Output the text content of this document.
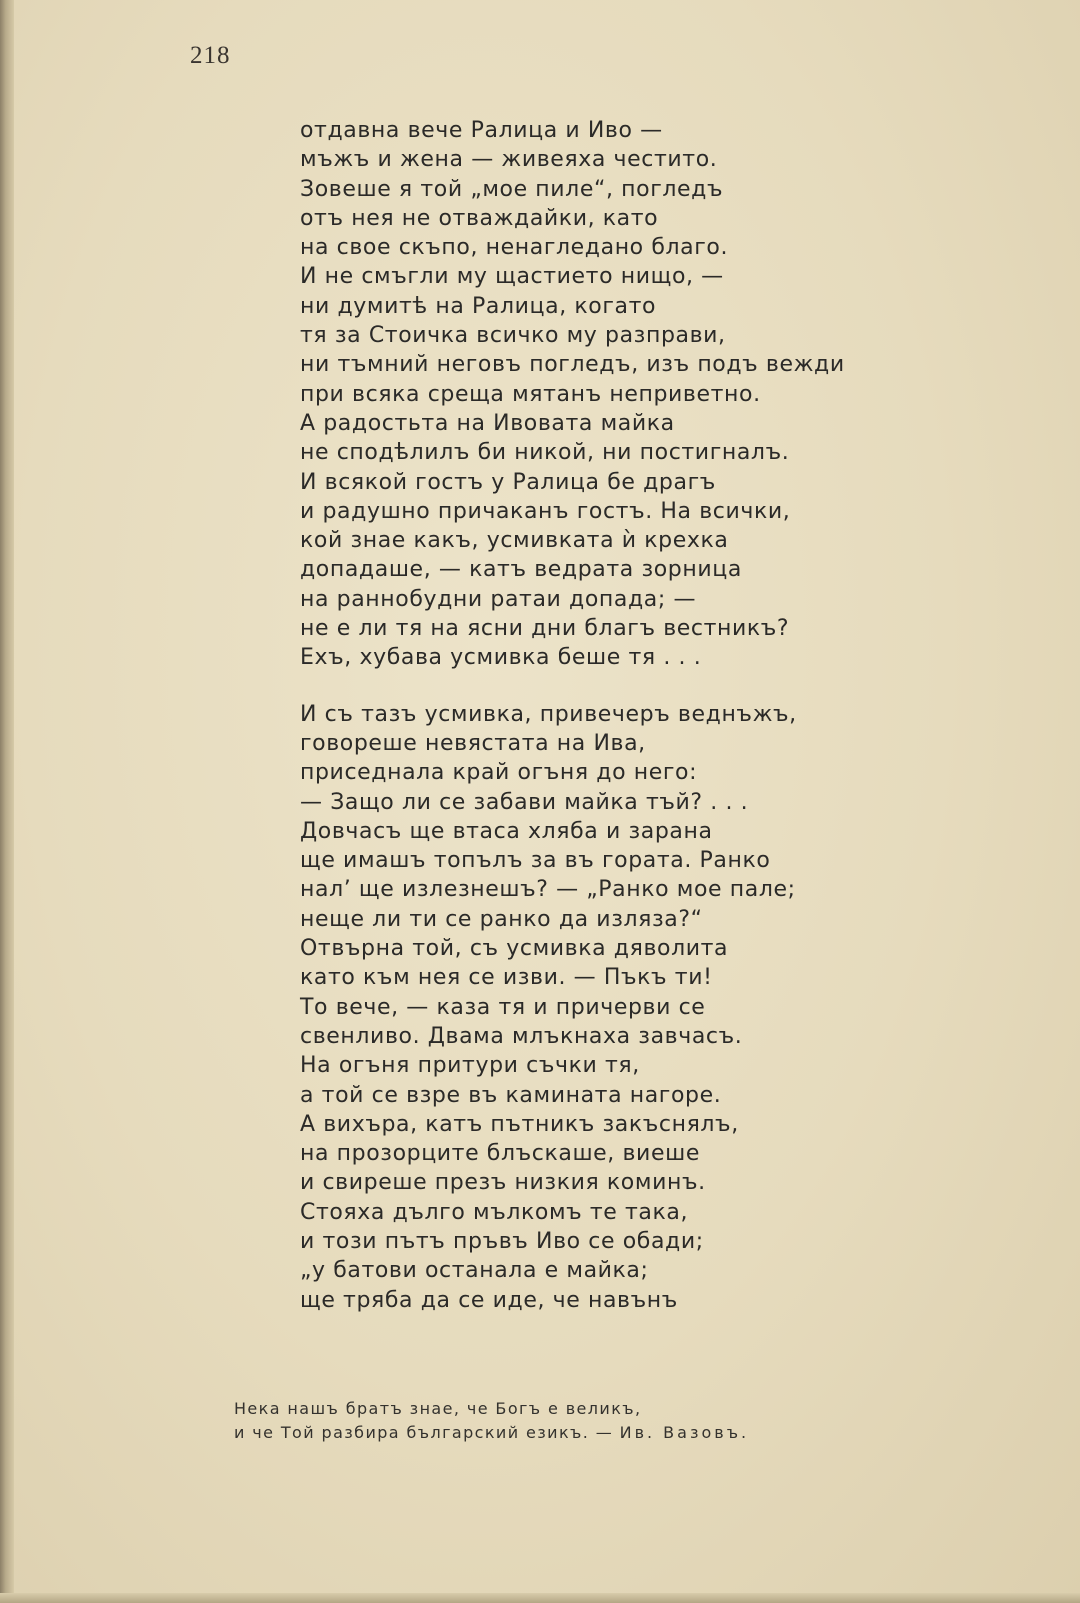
218
отдавна вече Ралица и Иво —
мъжъ и жена — живеяха честито.
Зовеше я той „мое пиле“, погледъ
отъ нея не отваждайки, като
на свое скъпо, ненагледано благо.
И не смъгли му щастието нищо, —
ни думитѣ на Ралица, когато
тя за Стоичка всичко му разправи,
ни тъмний неговъ погледъ, изъ подъ вежди
при всяка среща мятанъ неприветно.
А радостьта на Ивовата майка
не сподѣлилъ би никой, ни постигналъ.
И всякой гостъ у Ралица бе драгъ
и радушно причаканъ гостъ. На всички,
кой знае какъ, усмивката ѝ крехка
допадаше, — катъ ведрата зорница
на раннобудни ратаи допада; —
не е ли тя на ясни дни благъ вестникъ?
Ехъ, хубава усмивка беше тя . . .
И съ тазъ усмивка, привечеръ веднъжъ,
говореше невястата на Ива,
приседнала край огъня до него:
— Защо ли се забави майка тъй? . . .
Довчасъ ще втаса хляба и зарана
ще имашъ топълъ за въ гората. Ранко
нал’ ще излезнешъ? — „Ранко мое пале;
неще ли ти се ранко да изляза?“
Отвърна той, съ усмивка дяволита
като към нея се изви. — Пъкъ ти!
То вече, — каза тя и причерви се
свенливо. Двама млъкнаха завчасъ.
На огъня притури съчки тя,
а той се взре въ камината нагоре.
А вихъра, катъ пътникъ закъснялъ,
на прозорците блъскаше, виеше
и свиреше презъ низкия коминъ.
Стояха дълго мълкомъ те така,
и този пътъ пръвъ Иво се обади;
„у батови останала е майка;
ще тряба да се иде, че навънъ
Нека нашъ братъ знае, че Богъ е великъ,
и че Той разбира българский езикъ. — Ив. Вазовъ.
